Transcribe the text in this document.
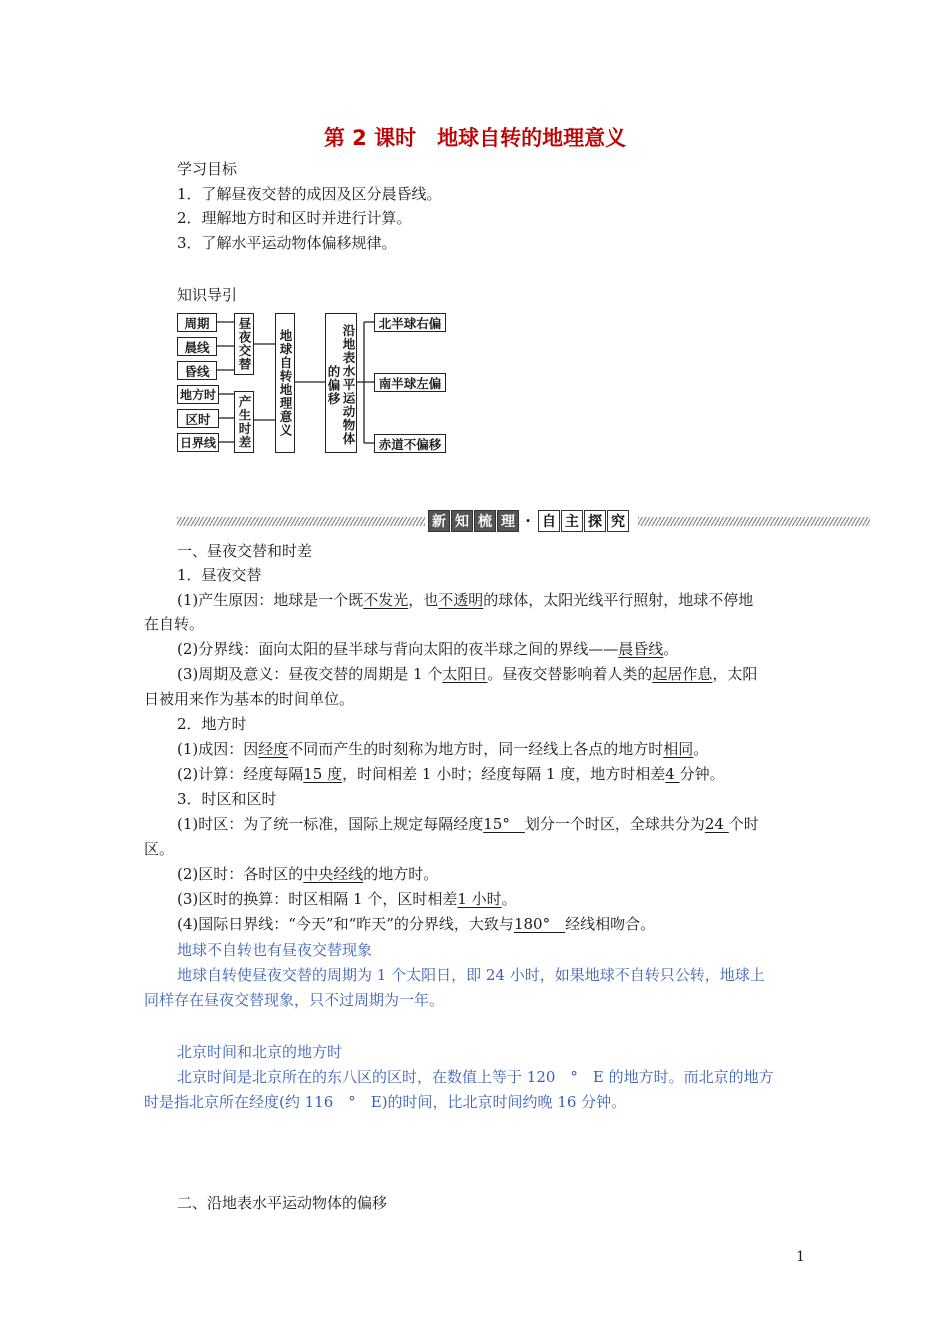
第 2 课时　地球自转的地理意义
学习目标
1．了解昼夜交替的成因及区分晨昏线。
2．理解地方时和区时并进行计算。
3．了解水平运动物体偏移规律。
知识导引
周期
晨线
昏线
地方时
区时
日界线
昼夜交替
产生时差 地球自转地理意义	沿地表水平运动物体的偏移
北半球右偏
南半球左偏
赤道不偏移
新 知 梳 理 · 自 主 探 究
一、昼夜交替和时差
1．昼夜交替
(1)产生原因：地球是一个既不发光，也不透明的球体，太阳光线平行照射，地球不停地
在自转。
(2)分界线：面向太阳的昼半球与背向太阳的夜半球之间的界线——晨昏线。
(3)周期及意义：昼夜交替的周期是 1 个太阳日。昼夜交替影响着人类的起居作息，太阳
日被用来作为基本的时间单位。
2．地方时
(1)成因：因经度不同而产生的时刻称为地方时，同一经线上各点的地方时相同。
(2)计算：经度每隔15 度，时间相差 1 小时；经度每隔 1 度，地方时相差4 分钟。
3．时区和区时
(1)时区：为了统一标准，国际上规定每隔经度15°　划分一个时区，全球共分为24 个时
区。
(2)区时：各时区的中央经线的地方时。
(3)区时的换算：时区相隔 1 个，区时相差1 小时。
(4)国际日界线：“今天”和“昨天”的分界线，大致与180°　经线相吻合。
地球不自转也有昼夜交替现象
地球自转使昼夜交替的周期为 1 个太阳日，即 24 小时，如果地球不自转只公转，地球上
同样存在昼夜交替现象，只不过周期为一年。
北京时间和北京的地方时
北京时间是北京所在的东八区的区时，在数值上等于 120　°　E 的地方时。而北京的地方
时是指北京所在经度(约 116　°　E)的时间，比北京时间约晚 16 分钟。
二、沿地表水平运动物体的偏移
1
